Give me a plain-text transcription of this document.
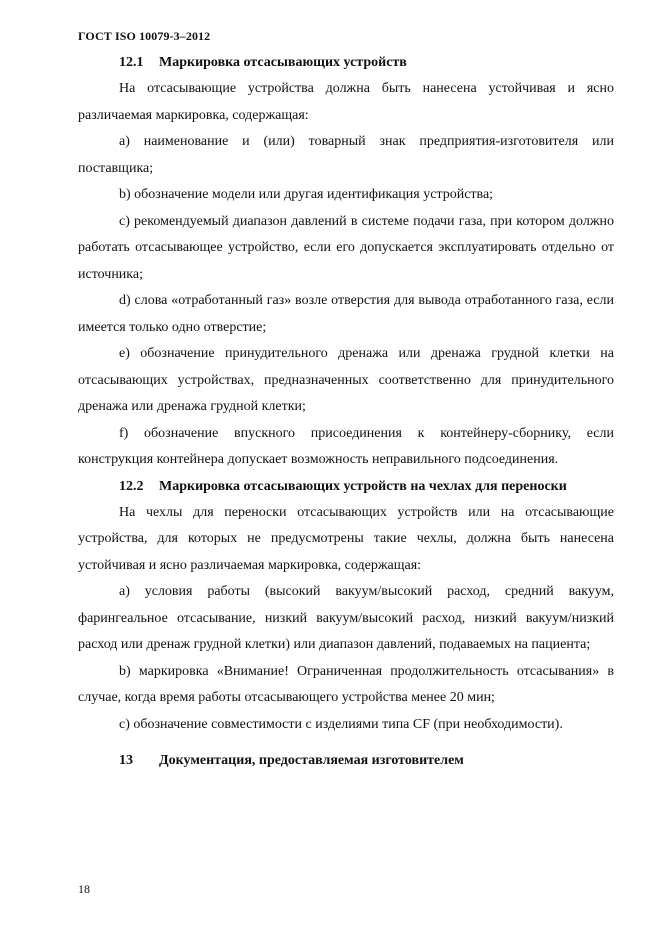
ГОСТ ISO 10079-3–2012
12.1 Маркировка отсасывающих устройств

На отсасывающие устройства должна быть нанесена устойчивая и ясно различаемая маркировка, содержащая:

а) наименование и (или) товарный знак предприятия-изготовителя или поставщика;

b) обозначение модели или другая идентификация устройства;

c) рекомендуемый диапазон давлений в системе подачи газа, при котором должно работать отсасывающее устройство, если его допускается эксплуатировать отдельно от источника;

d) слова «отработанный газ» возле отверстия для вывода отработанного газа, если имеется только одно отверстие;

e) обозначение принудительного дренажа или дренажа грудной клетки на отсасывающих устройствах, предназначенных соответственно для принудительного дренажа или дренажа грудной клетки;

f) обозначение впускного присоединения к контейнеру-сборнику, если конструкция контейнера допускает возможность неправильного подсоединения.

12.2 Маркировка отсасывающих устройств на чехлах для переноски

На чехлы для переноски отсасывающих устройств или на отсасывающие устройства, для которых не предусмотрены такие чехлы, должна быть нанесена устойчивая и ясно различаемая маркировка, содержащая:

а) условия работы (высокий вакуум/высокий расход, средний вакуум, фарингеальное отсасывание, низкий вакуум/высокий расход, низкий вакуум/низкий расход или дренаж грудной клетки) или диапазон давлений, подаваемых на пациента;

b) маркировка «Внимание! Ограниченная продолжительность отсасывания» в случае, когда время работы отсасывающего устройства менее 20 мин;

c) обозначение совместимости с изделиями типа CF (при необходимости).

13 Документация, предоставляемая изготовителем
18
